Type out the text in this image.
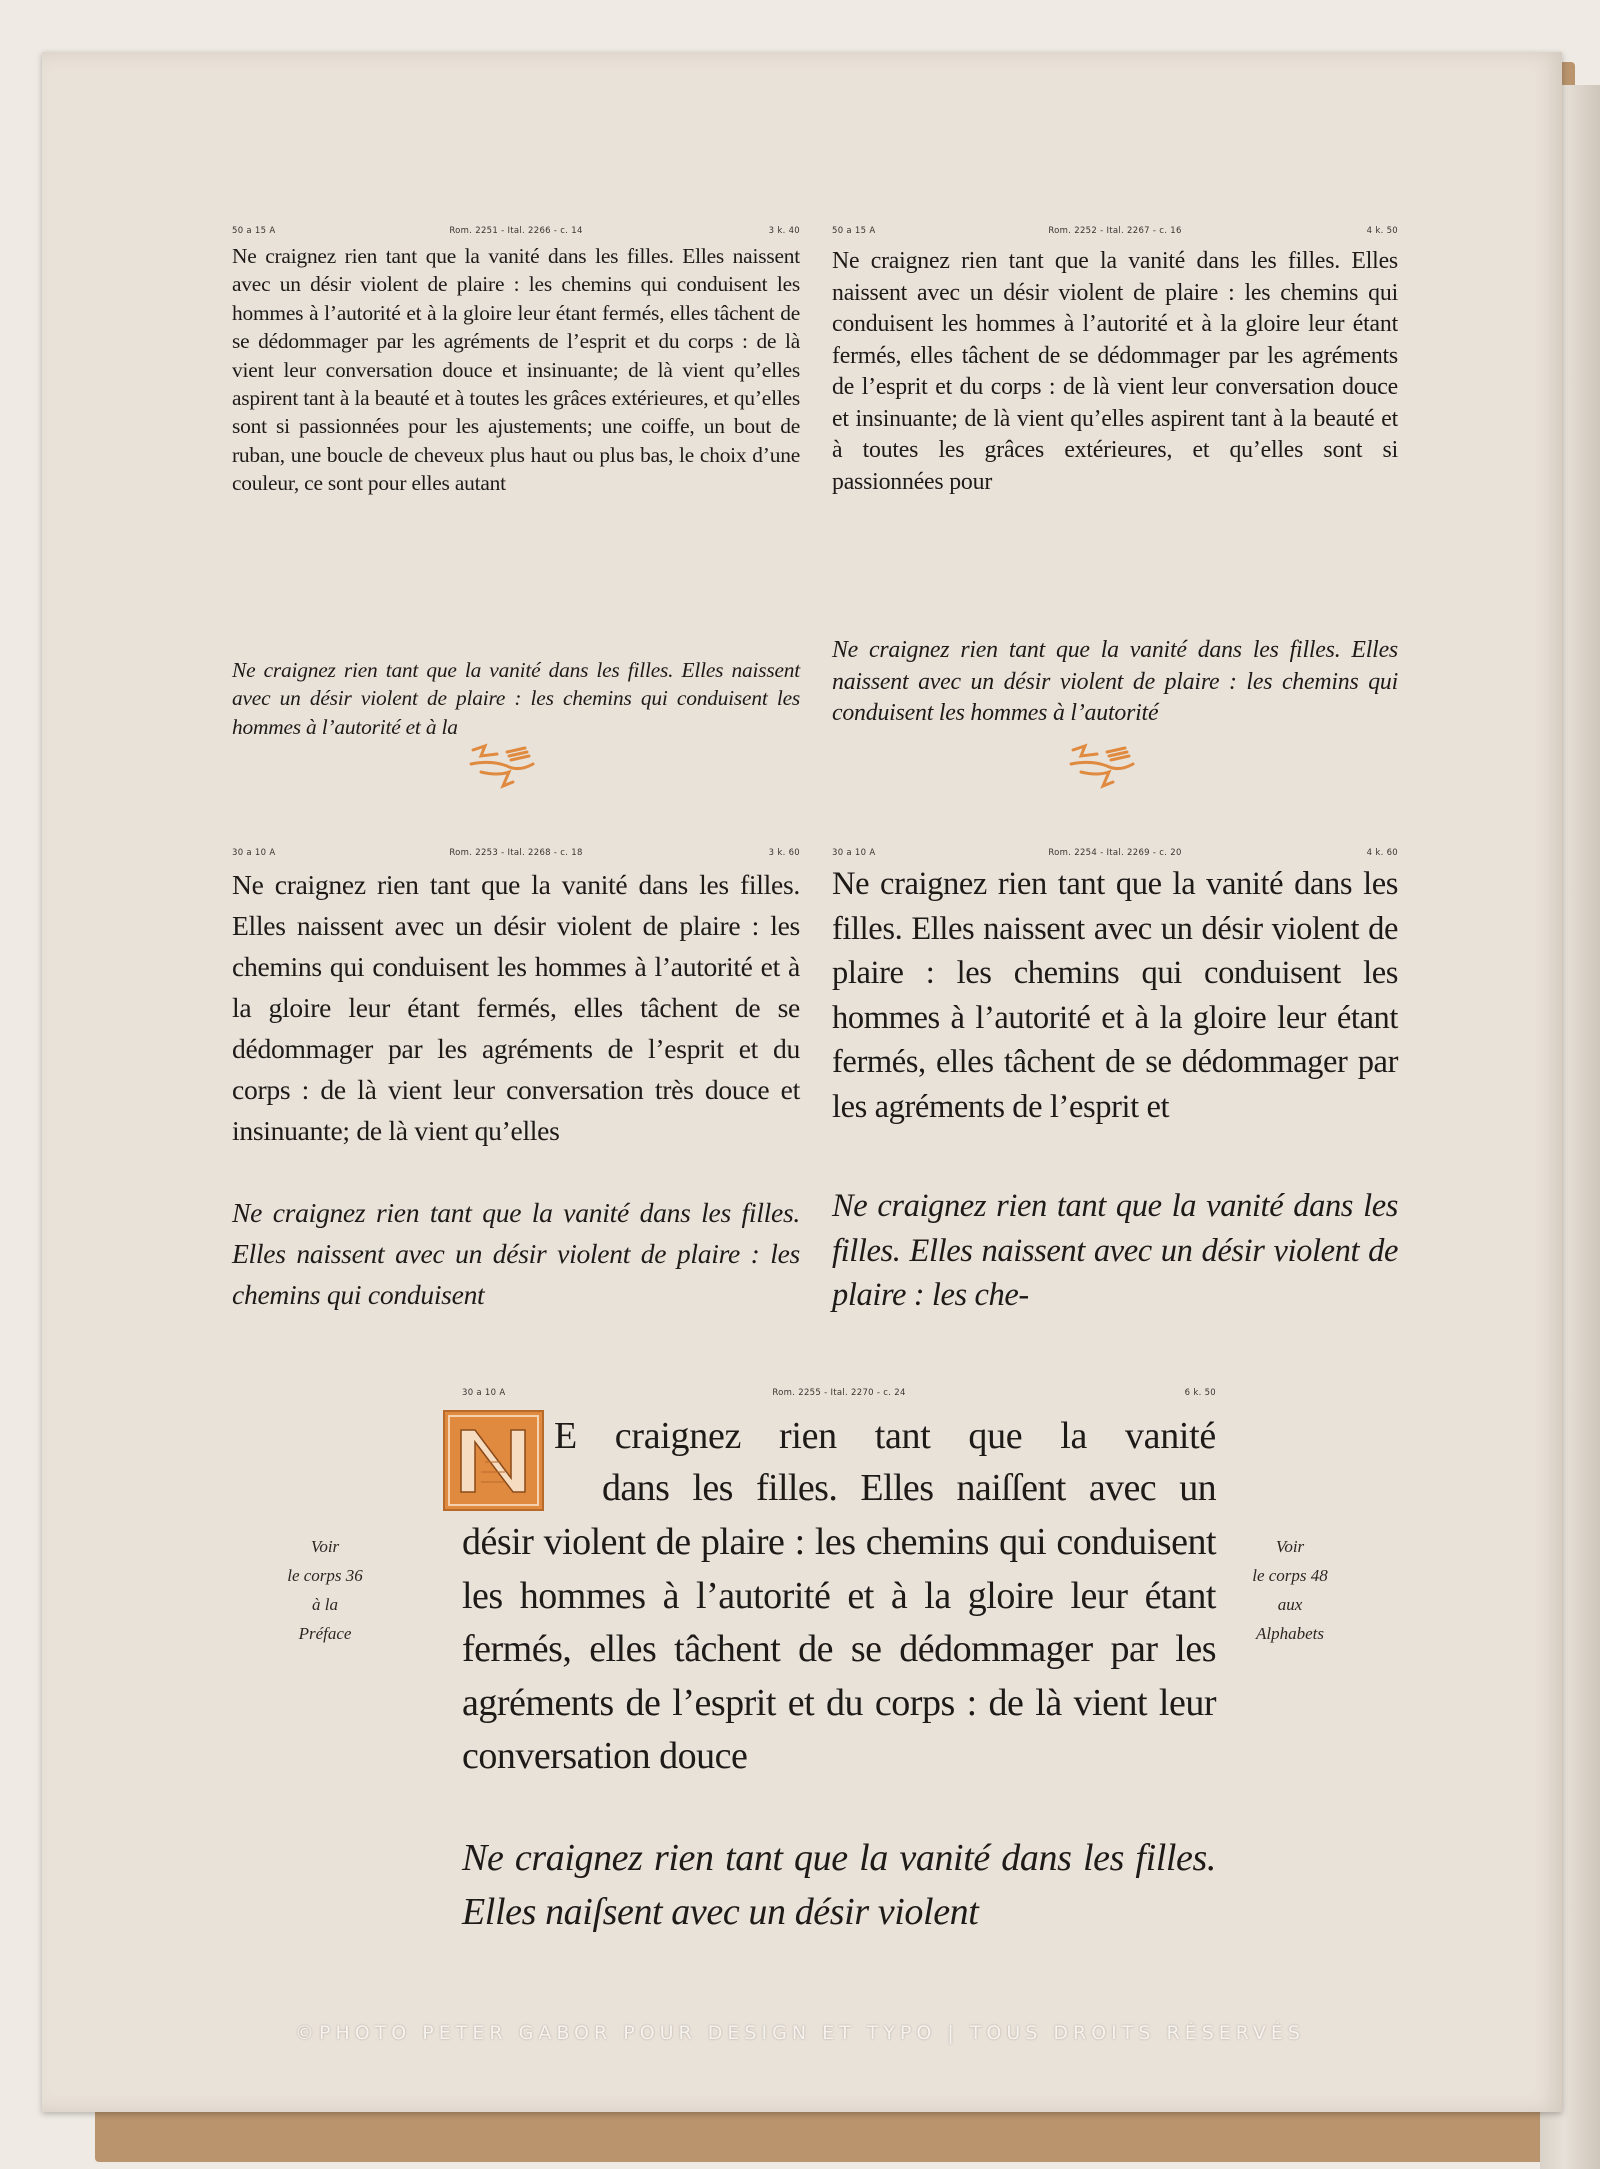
50 a 15 A	Rom. 2251 - Ital. 2266 - c. 14	3 k. 40

Ne craignez rien tant que la vanité dans les filles. Elles naissent avec un désir violent de plaire : les chemins qui conduisent les hommes à l’autorité et à la gloire leur étant fermés, elles tâchent de se dédommager par les agréments de l’esprit et du corps : de là vient leur conversation douce et insinuante; de là vient qu’elles aspirent tant à la beauté et à toutes les grâces extérieures, et qu’elles sont si passionnées pour les ajustements; une coiffe, un bout de ruban, une boucle de cheveux plus haut ou plus bas, le choix d’une couleur, ce sont pour elles autant

Ne craignez rien tant que la vanité dans les filles. Elles naissent avec un désir violent de plaire : les chemins qui conduisent les hommes à l’autorité et à la

50 a 15 A	Rom. 2252 - Ital. 2267 - c. 16	4 k. 50

Ne craignez rien tant que la vanité dans les filles. Elles naissent avec un désir violent de plaire : les chemins qui conduisent les hommes à l’autorité et à la gloire leur étant fermés, elles tâchent de se dédommager par les agréments de l’esprit et du corps : de là vient leur conversation douce et insinuante; de là vient qu’elles aspirent tant à la beauté et à toutes les grâces extérieures, et qu’elles sont si passionnées pour

Ne craignez rien tant que la vanité dans les filles. Elles naissent avec un désir violent de plaire : les chemins qui conduisent les hommes à l’autorité

30 a 10 A	Rom. 2253 - Ital. 2268 - c. 18	3 k. 60

Ne craignez rien tant que la vanité dans les filles. Elles naissent avec un désir violent de plaire : les chemins qui conduisent les hommes à l’autorité et à la gloire leur étant fermés, elles tâchent de se dédommager par les agréments de l’esprit et du corps : de là vient leur conversation très douce et insinuante; de là vient qu’elles

Ne craignez rien tant que la vanité dans les filles. Elles naissent avec un désir violent de plaire : les chemins qui conduisent

30 a 10 A	Rom. 2254 - Ital. 2269 - c. 20	4 k. 60

Ne craignez rien tant que la vanité dans les filles. Elles naissent avec un désir violent de plaire : les chemins qui conduisent les hommes à l’autorité et à la gloire leur étant fermés, elles tâchent de se dédommager par les agréments de l’esprit et

Ne craignez rien tant que la vanité dans les filles. Elles naissent avec un désir violent de plaire : les che-

30 a 10 A	Rom. 2255 - Ital. 2270 - c. 24	6 k. 50
E craignez rien tant que la vanité
dans les filles. Elles naiſſent avec un

désir violent de plaire : les chemins qui conduisent les hommes à l’autorité et à la gloire leur étant fermés, elles tâchent de se dédommager par les agréments de l’esprit et du corps : de là vient leur conversation douce

Ne craignez rien tant que la vanité dans les filles. Elles naiſsent avec un désir violent

Voir
le corps 36
à la
Préface
Voir
le corps 48
aux
Alphabets
©PHOTO PETER GABOR POUR DESIGN ET TYPO | TOUS DROITS RÉSERVÉS
